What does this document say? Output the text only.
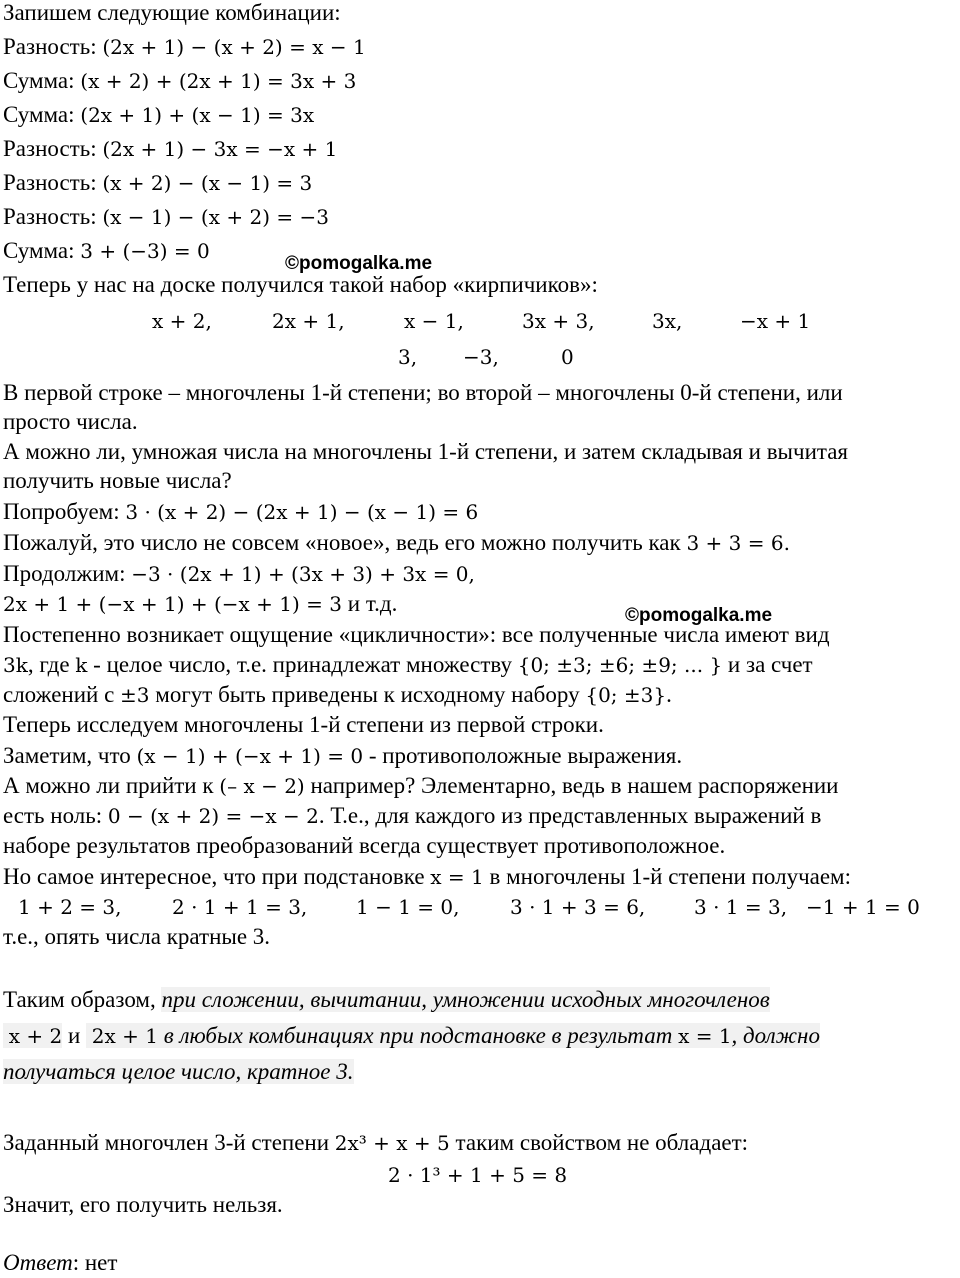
Запишем следующие комбинации:
Разность: (2x + 1) − (x + 2) = x − 1
Сумма: (x + 2) + (2x + 1) = 3x + 3
Сумма: (2x + 1) + (x − 1) = 3x
Разность: (2x + 1) − 3x = −x + 1
Разность: (x + 2) − (x − 1) = 3
Разность: (x − 1) − (x + 2) = −3
Сумма: 3 + (−3) = 0
©pomogalka.me
Теперь у нас на доске получился такой набор «кирпичиков»:
x + 2,	2x + 1,	x − 1,	3x + 3,	3x,	−x + 1
3, −3,	0
В первой строке – многочлены 1-й степени; во второй – многочлены 0-й степени, или
просто числа.
А можно ли, умножая числа на многочлены 1-й степени, и затем складывая и вычитая
получить новые числа?
Попробуем: 3 · (x + 2) − (2x + 1) − (x − 1) = 6
Пожалуй, это число не совсем «новое», ведь его можно получить как 3 + 3 = 6.
Продолжим: −3 · (2x + 1) + (3x + 3) + 3x = 0,
2x + 1 + (−x + 1) + (−x + 1) = 3 и т.д.	©pomogalka.me
Постепенно возникает ощущение «цикличности»: все полученные числа имеют вид
3k, где k - целое число, т.е. принадлежат множеству {0; ±3; ±6; ±9; ... } и за счет
сложений с ±3 могут быть приведены к исходному набору {0; ±3}.
Теперь исследуем многочлены 1-й степени из первой строки.
Заметим, что (x − 1) + (−x + 1) = 0 - противоположные выражения.
А можно ли прийти к (– x − 2) например? Элементарно, ведь в нашем распоряжении
есть ноль: 0 − (x + 2) = −x − 2. Т.е., для каждого из представленных выражений в
наборе результатов преобразований всегда существует противоположное.
Но самое интересное, что при подстановке x = 1 в многочлены 1-й степени получаем:
1 + 2 = 3,	2 · 1 + 1 = 3, 1 − 1 = 0,	3 · 1 + 3 = 6, 3 · 1 = 3, −1 + 1 = 0
т.е., опять числа кратные 3.
Таким образом, при сложении, вычитании, умножении исходных многочленов
x + 2 и  2x + 1 в любых комбинациях при подстановке в результат x = 1, должно
получаться целое число, кратное 3.
Заданный многочлен 3-й степени 2x³ + x + 5 таким свойством не обладает:
2 · 1³ + 1 + 5 = 8
Значит, его получить нельзя.
Ответ: нет
